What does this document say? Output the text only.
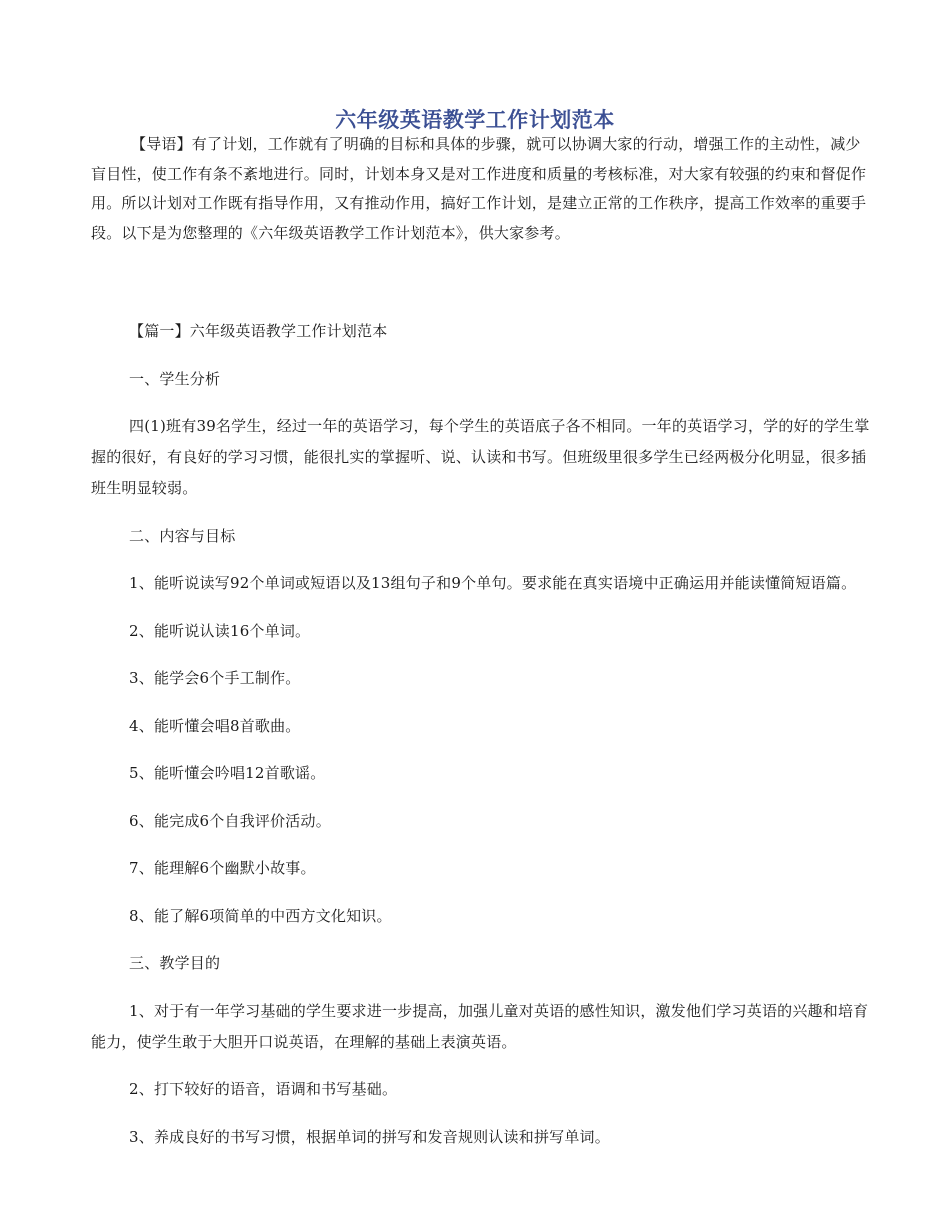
六年级英语教学工作计划范本
【导语】有了计划，工作就有了明确的目标和具体的步骤，就可以协调大家的行动，增强工作的主动性，减少盲目性，使工作有条不紊地进行。同时，计划本身又是对工作进度和质量的考核标准，对大家有较强的约束和督促作用。所以计划对工作既有指导作用，又有推动作用，搞好工作计划，是建立正常的工作秩序，提高工作效率的重要手段。以下是为您整理的《六年级英语教学工作计划范本》，供大家参考。

【篇一】六年级英语教学工作计划范本

一、学生分析

四(1)班有39名学生，经过一年的英语学习，每个学生的英语底子各不相同。一年的英语学习，学的好的学生掌握的很好，有良好的学习习惯，能很扎实的掌握听、说、认读和书写。但班级里很多学生已经两极分化明显，很多插班生明显较弱。

二、内容与目标

1、能听说读写92个单词或短语以及13组句子和9个单句。要求能在真实语境中正确运用并能读懂简短语篇。

2、能听说认读16个单词。

3、能学会6个手工制作。

4、能听懂会唱8首歌曲。

5、能听懂会吟唱12首歌谣。

6、能完成6个自我评价活动。

7、能理解6个幽默小故事。

8、能了解6项简单的中西方文化知识。

三、教学目的

1、对于有一年学习基础的学生要求进一步提高，加强儿童对英语的感性知识，激发他们学习英语的兴趣和培育能力，使学生敢于大胆开口说英语，在理解的基础上表演英语。

2、打下较好的语音，语调和书写基础。

3、养成良好的书写习惯，根据单词的拼写和发音规则认读和拼写单词。
